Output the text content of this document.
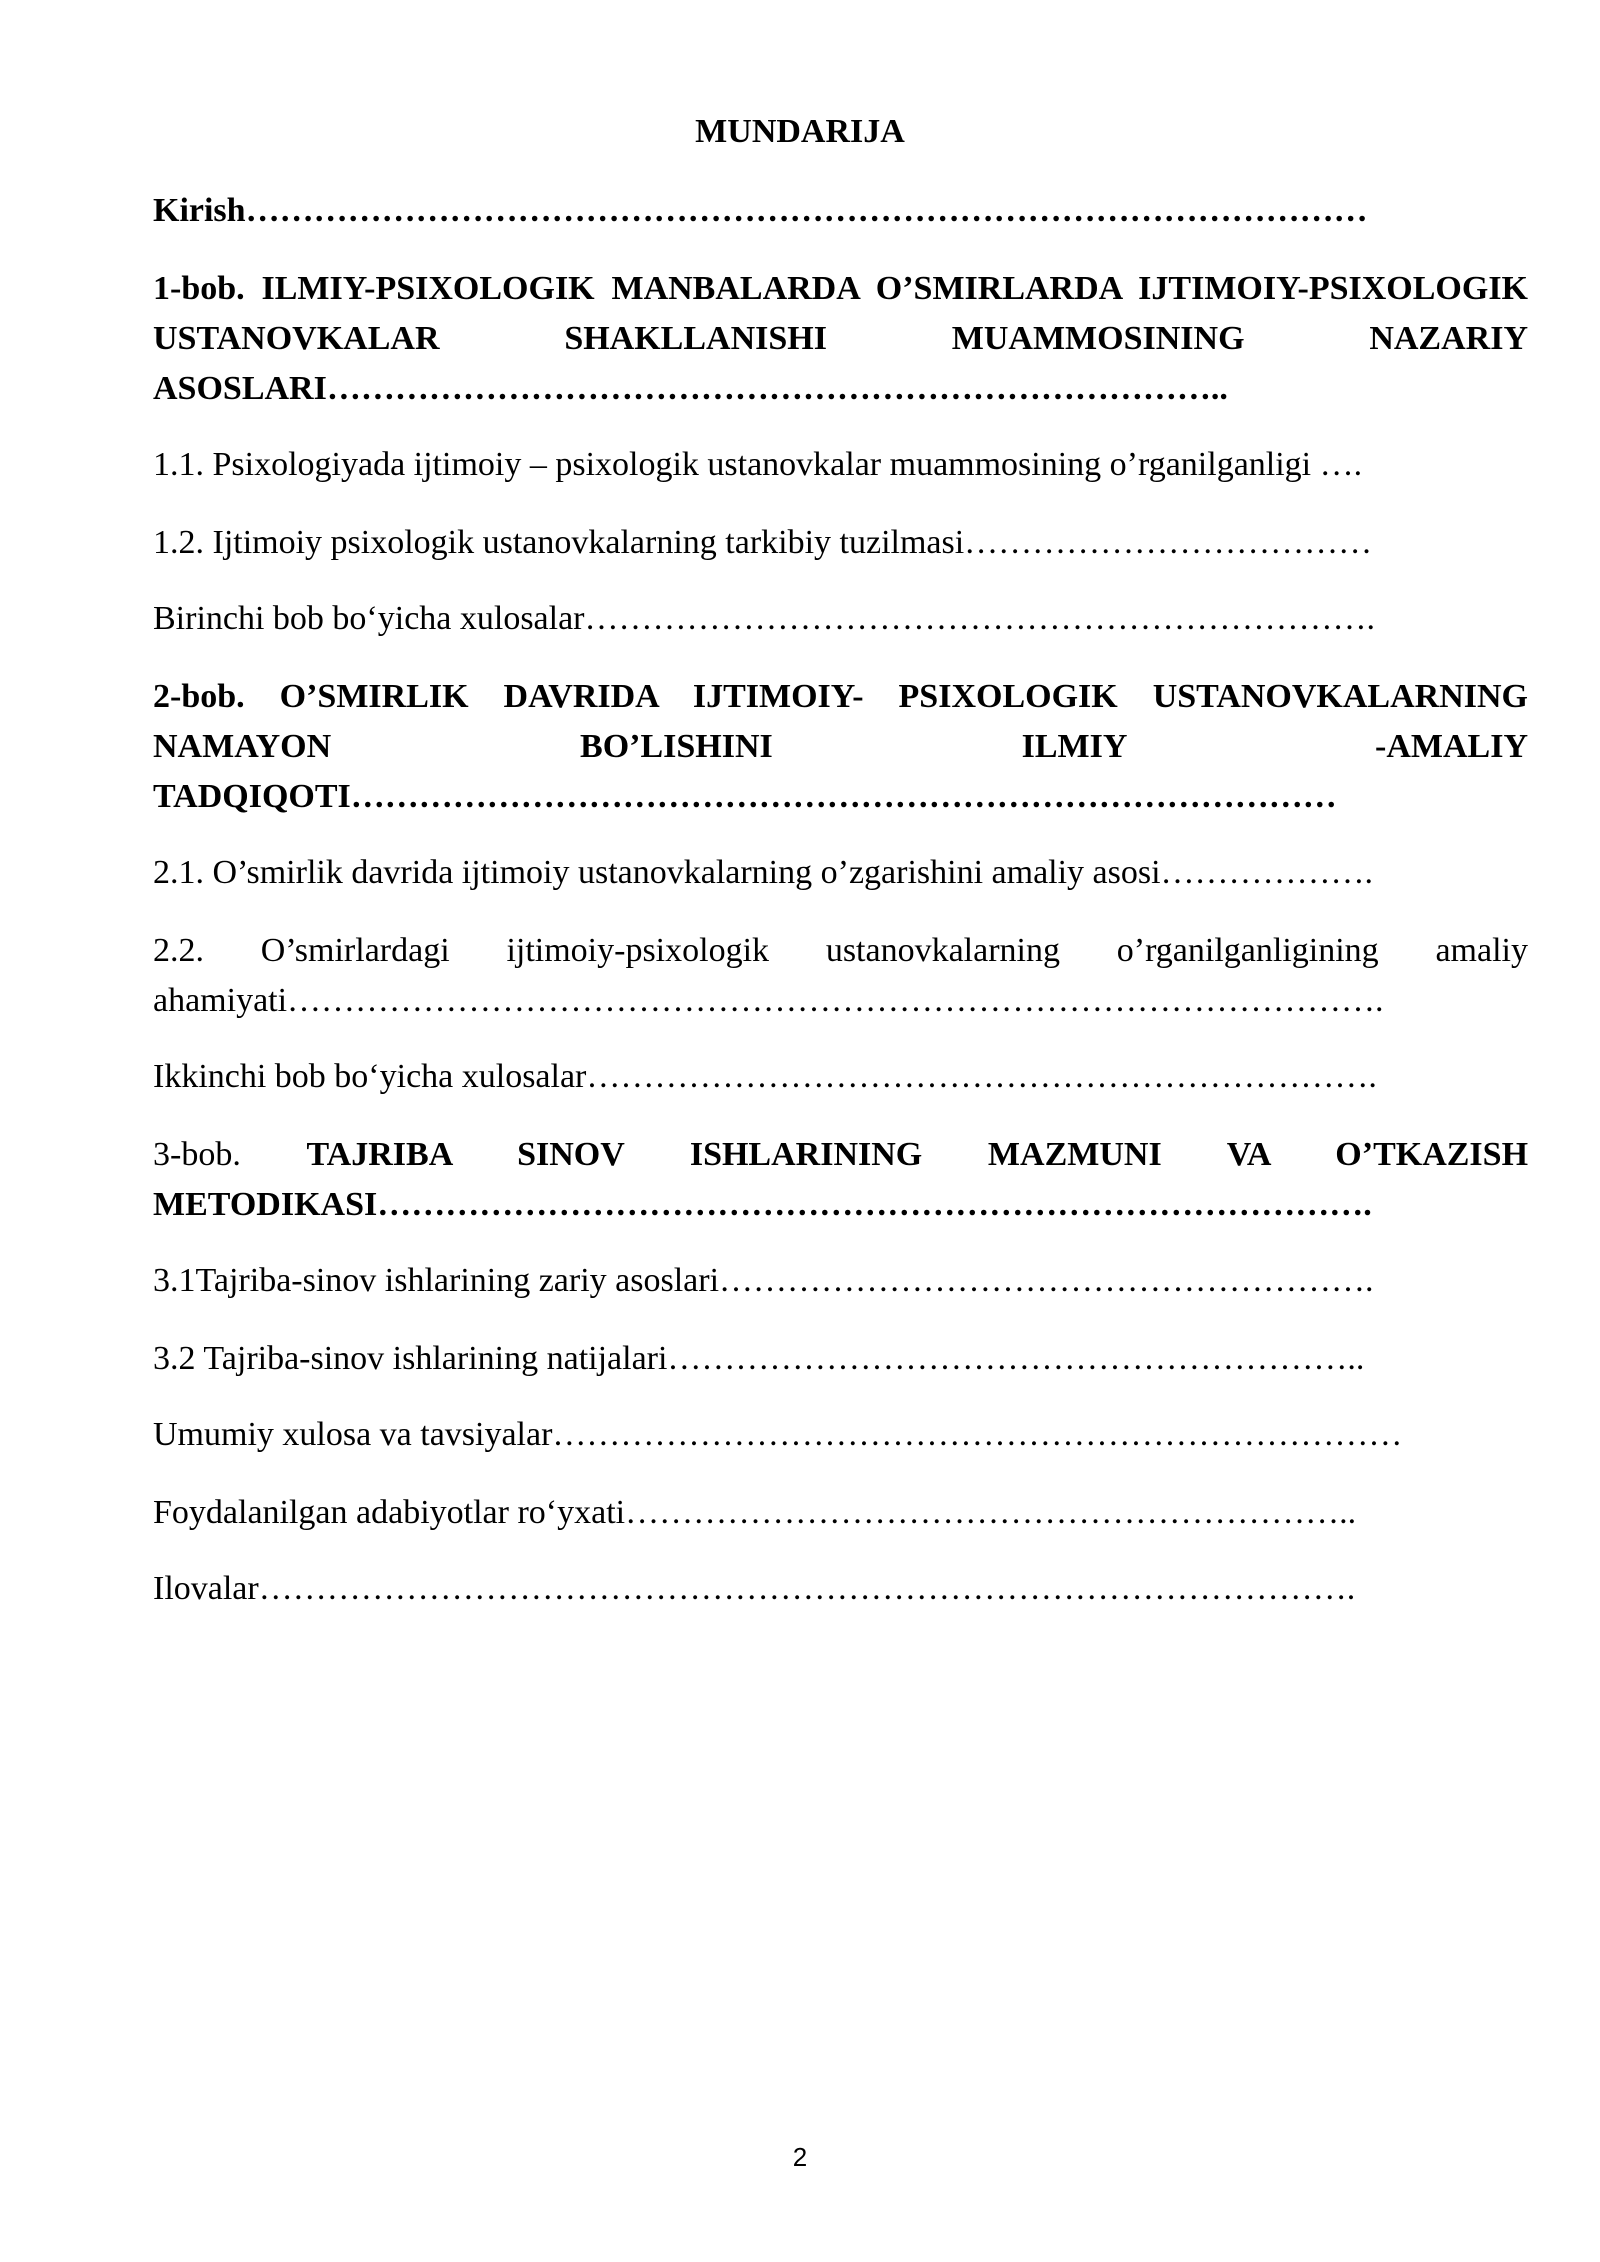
MUNDARIJA
Kirish………………………………………………………………………………………
1-bob. ILMIY-PSIXOLOGIK MANBALARDA O’SMIRLARDA IJTIMOIY-PSIXOLOGIK USTANOVKALAR SHAKLLANISHI MUAMMOSINING NAZARIY ASOSLARI……………………………………………………………………..
1.1. Psixologiyada ijtimoiy – psixologik ustanovkalar muammosining o’rganilganligi ….
1.2. Ijtimoiy psixologik ustanovkalarning tarkibiy tuzilmasi………………………………
Birinchi bob bo‘yicha xulosalar…………………………………………………………….
2-bob. O’SMIRLIK DAVRIDA IJTIMOIY- PSIXOLOGIK USTANOVKALARNING NAMAYON BO’LISHINI ILMIY -AMALIY TADQIQOTI……………………………………………………………………………
2.1. O’smirlik davrida ijtimoiy ustanovkalarning o’zgarishini amaliy asosi……………….
2.2. O’smirlardagi ijtimoiy-psixologik ustanovkalarning o’rganilganligining amaliy ahamiyati…………………………………………………………………………………….
Ikkinchi bob bo‘yicha xulosalar…………………………………………………………….
3-bob. TAJRIBA SINOV ISHLARINING MAZMUNI VA O’TKAZISH METODIKASI…………………………………………………………………………….
3.1Tajriba-sinov ishlarining zariy asoslari………………………………………………….
3.2 Tajriba-sinov ishlarining natijalari……………………………………………………..
Umumiy xulosa va tavsiyalar…………………………………………………………………
Foydalanilgan adabiyotlar ro‘yxati………………………………………………………..
Ilovalar…………………………………………………………………………………….
2
